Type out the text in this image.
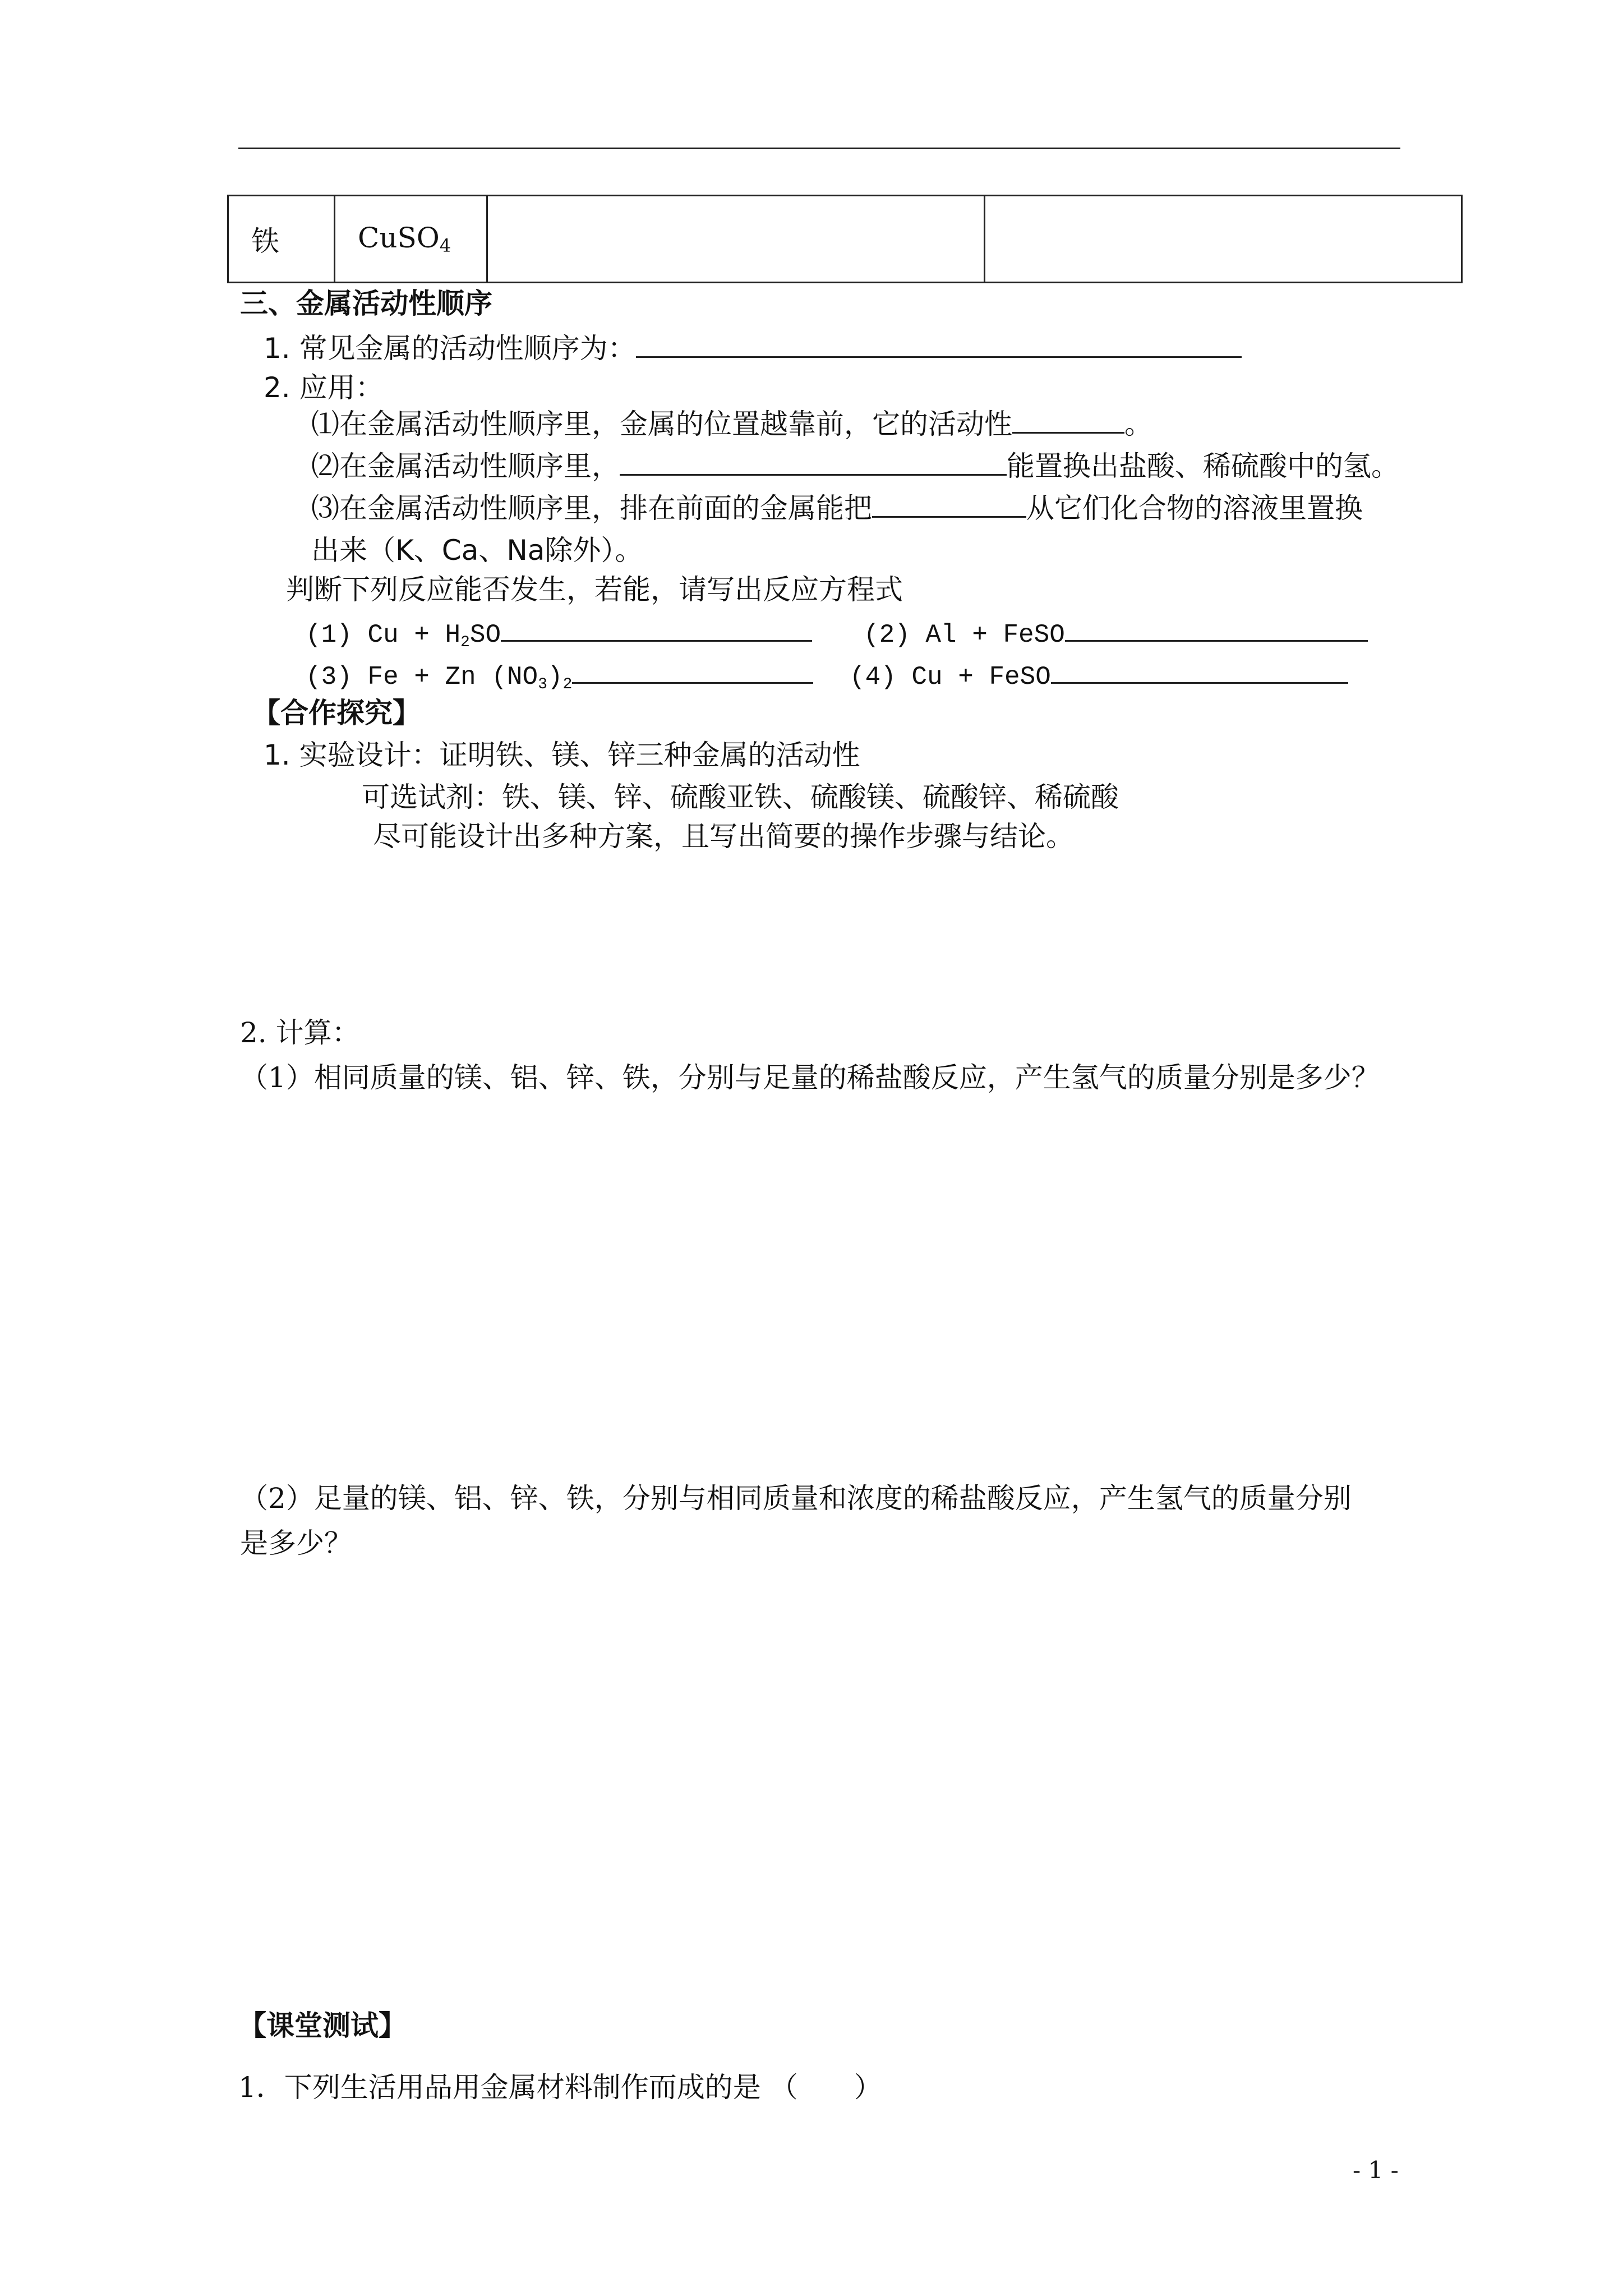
铁	CuSO$_4$		
三、金属活动性顺序
1. 常见金属的活动性顺序为：
2. 应用：
⑴在金属活动性顺序里，金属的位置越靠前，它的活动性	。
⑵在金属活动性顺序里，	能置换出盐酸、稀硫酸中的氢。
⑶在金属活动性顺序里，排在前面的金属能把	从它们化合物的溶液里置换
出来（K、Ca、Na除外）。
判断下列反应能否发生，若能，请写出反应方程式
(1) $Cu + H_2SO$	(2) Al + FeSO
(3) Fe + Zn $(NO_3)_2$	(4) Cu + FeSO
【合作探究】
1. 实验设计：证明铁、镁、锌三种金属的活动性
可选试剂：铁、镁、锌、硫酸亚铁、硫酸镁、硫酸锌、稀硫酸
尽可能设计出多种方案，且写出简要的操作步骤与结论。
2. 计算：
（1）相同质量的镁、铝、锌、铁，分别与足量的稀盐酸反应，产生氢气的质量分别是多少？
（2）足量的镁、铝、锌、铁，分别与相同质量和浓度的稀盐酸反应，产生氢气的质量分别
是多少？
【课堂测试】
1．下列生活用品用金属材料制作而成的是 （　　）
- 1 -
